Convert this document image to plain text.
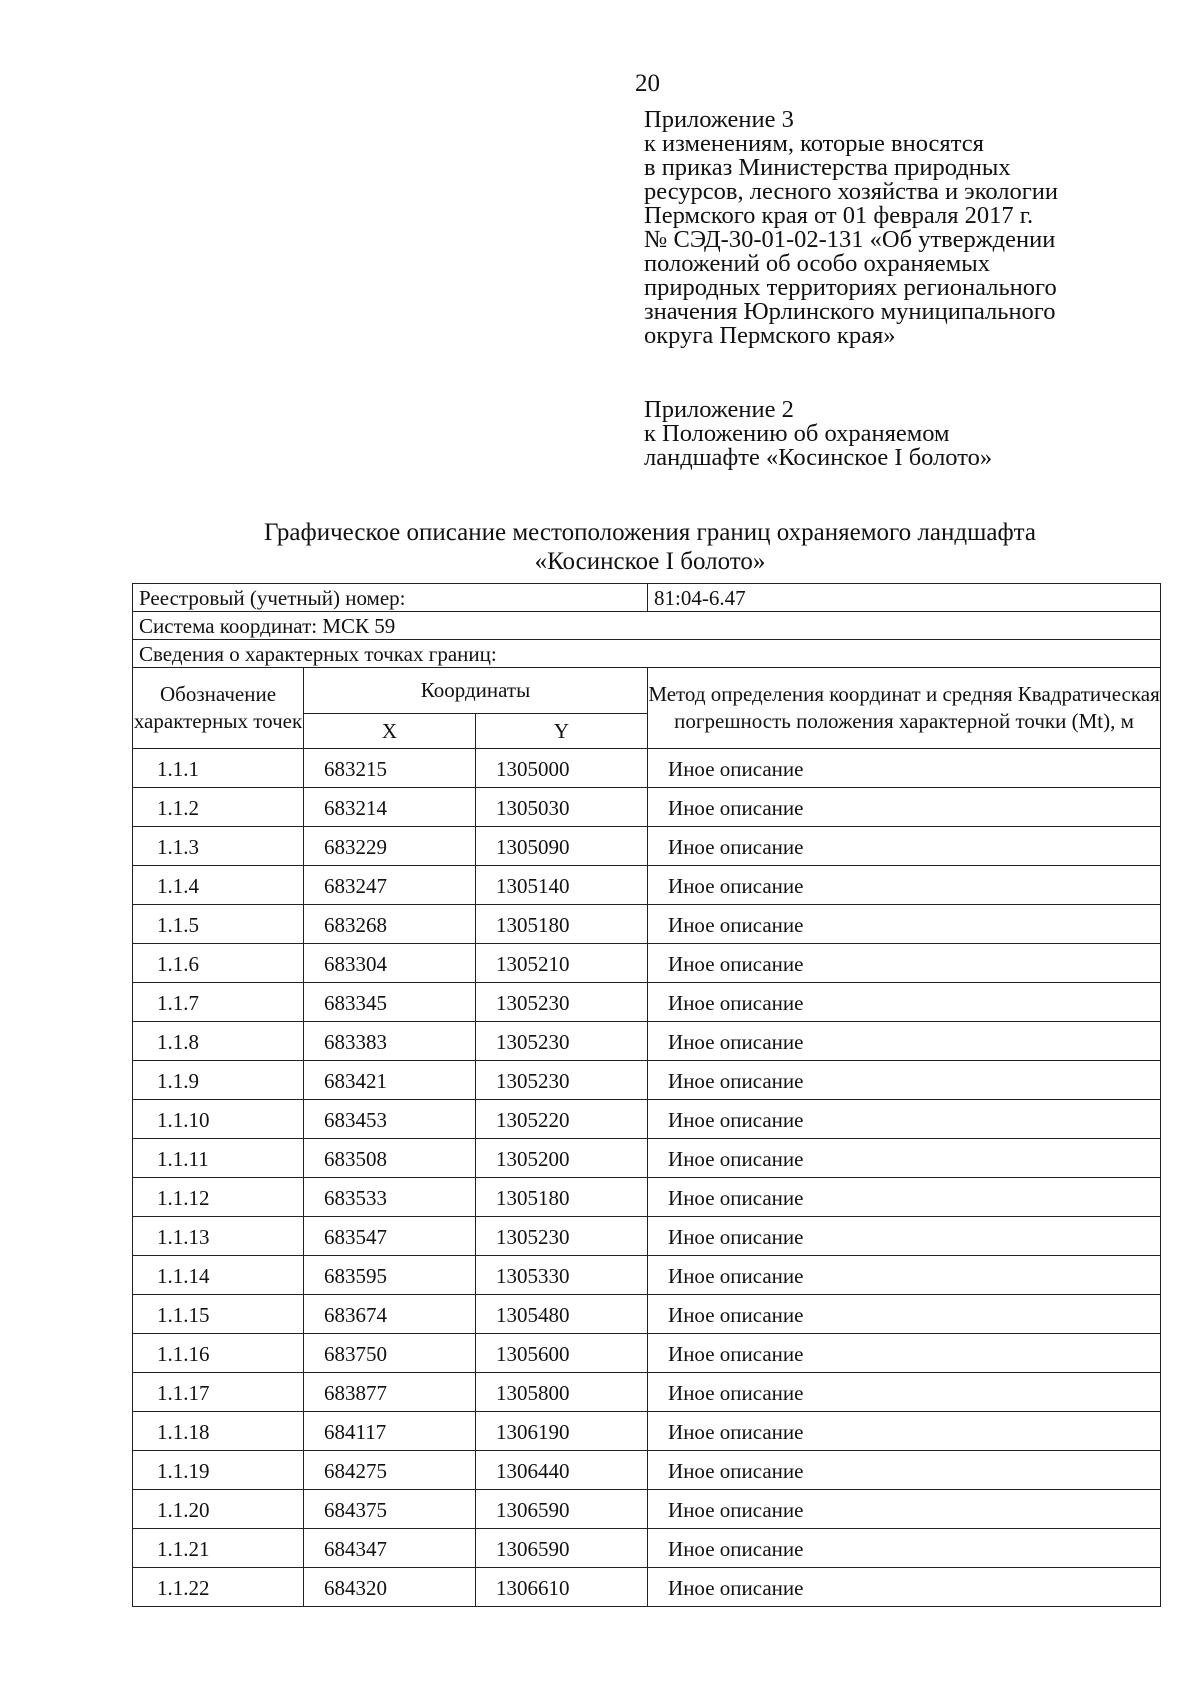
20
Приложение 3
к изменениям, которые вносятся
в приказ Министерства природных
ресурсов, лесного хозяйства и экологии
Пермского края от 01 февраля 2017 г.
№ СЭД-30-01-02-131 «Об утверждении
положений об особо охраняемых
природных территориях регионального
значения Юрлинского муниципального
округа Пермского края»
Приложение 2
к Положению об охраняемом
ландшафте «Косинское I болото»
Графическое описание местоположения границ охраняемого ландшафта
«Косинское I болото»
Реестровый (учетный) номер:			81:04-6.47
Система координат: МСК 59			
Сведения о характерных точках границ:			
Обозначение характерных точек	Координаты		Метод определения координат и средняя Квадратическая погрешность положения характерной точки (Mt), м
	X	Y	
1.1.1	683215	1305000	Иное описание
1.1.2	683214	1305030	Иное описание
1.1.3	683229	1305090	Иное описание
1.1.4	683247	1305140	Иное описание
1.1.5	683268	1305180	Иное описание
1.1.6	683304	1305210	Иное описание
1.1.7	683345	1305230	Иное описание
1.1.8	683383	1305230	Иное описание
1.1.9	683421	1305230	Иное описание
1.1.10	683453	1305220	Иное описание
1.1.11	683508	1305200	Иное описание
1.1.12	683533	1305180	Иное описание
1.1.13	683547	1305230	Иное описание
1.1.14	683595	1305330	Иное описание
1.1.15	683674	1305480	Иное описание
1.1.16	683750	1305600	Иное описание
1.1.17	683877	1305800	Иное описание
1.1.18	684117	1306190	Иное описание
1.1.19	684275	1306440	Иное описание
1.1.20	684375	1306590	Иное описание
1.1.21	684347	1306590	Иное описание
1.1.22	684320	1306610	Иное описание
